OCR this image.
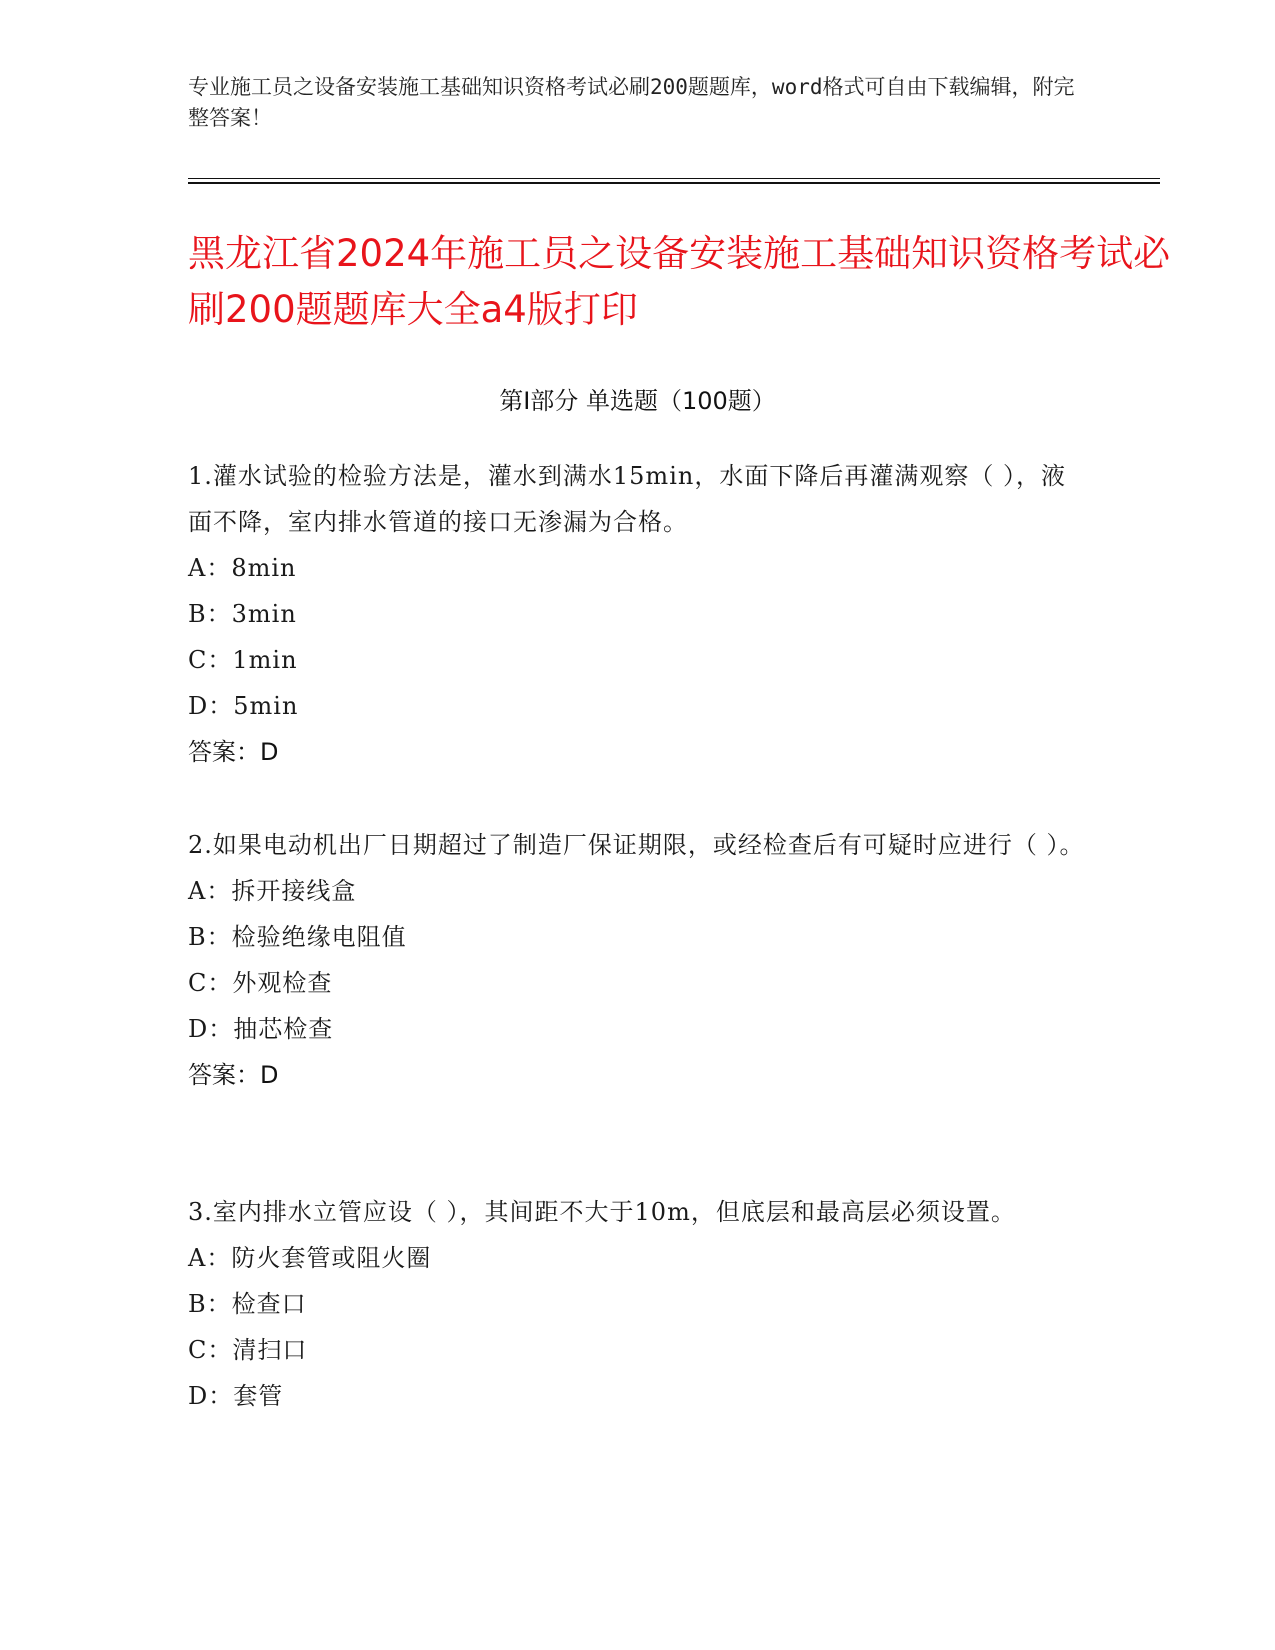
专业施工员之设备安装施工基础知识资格考试必刷200题题库，word格式可自由下载编辑，附完整答案！
黑龙江省2024年施工员之设备安装施工基础知识资格考试必刷200题题库大全a4版打印
第I部分 单选题（100题）
1.灌水试验的检验方法是，灌水到满水15min，水面下降后再灌满观察（ ），液面不降，室内排水管道的接口无渗漏为合格。
A：8min
B：3min
C：1min
D：5min
答案：D
2.如果电动机出厂日期超过了制造厂保证期限，或经检查后有可疑时应进行（ ）。
A：拆开接线盒
B：检验绝缘电阻值
C：外观检查
D：抽芯检查
答案：D
3.室内排水立管应设（ ），其间距不大于10m，但底层和最高层必须设置。
A：防火套管或阻火圈
B：检查口
C：清扫口
D：套管
